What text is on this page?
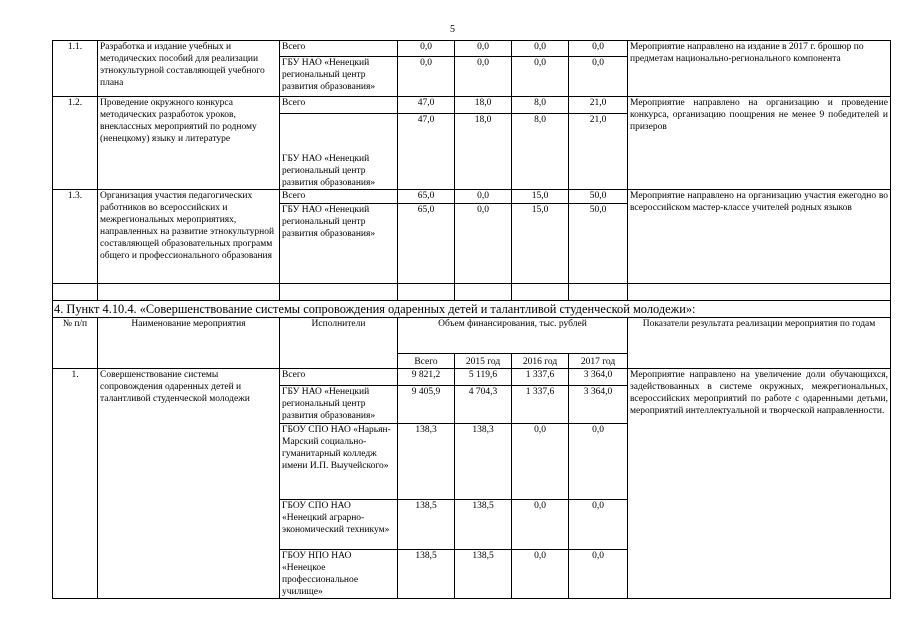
5
1.1.	Разработка и издание учебных и методических пособий для реализации этнокультурной составляющей учебного плана	Всего	0,0	0,0	0,0	0,0	Мероприятие направлено на издание в 2017 г. брошюр по предметам национально-регионального компонента
		ГБУ НАО «Ненецкий региональный центр развития образования»	0,0	0,0	0,0	0,0	
1.2.	Проведение окружного конкурса методических разработок уроков, внеклассных мероприятий по родному (ненецкому) языку и литературе	Всего	47,0	18,0	8,0	21,0	Мероприятие направлено на организацию и проведение конкурса, организацию поощрения не менее 9 победителей и призеров
		ГБУ НАО «Ненецкий региональный центр развития образования»	47,0	18,0	8,0	21,0	
1.3.	Организация участия педагогических работников во всероссийских и межрегиональных мероприятиях, направленных на развитие этнокультурной составляющей образовательных программ общего и профессионального образования	Всего	65,0	0,0	15,0	50,0	Мероприятие направлено на организацию участия ежегодно во всероссийском мастер-классе учителей родных языков
		ГБУ НАО «Ненецкий региональный центр развития образования»	65,0	0,0	15,0	50,0	

4. Пункт 4.10.4. «Совершенствование системы сопровождения одаренных детей и талантливой студенческой молодежи»:							
№ п/п	Наименование мероприятия	Исполнители	Объем финансирования, тыс. рублей				Показатели результата реализации мероприятия по годам
			Всего	2015 год	2016 год	2017 год	
1.	Совершенствование системы сопровождения одаренных детей и талантливой студенческой молодежи	Всего	9 821,2	5 119,6	1 337,6	3 364,0	Мероприятие направлено на увеличение доли обучающихся, задействованных в системе окружных, межрегиональных, всероссийских мероприятий по работе с одаренными детьми, мероприятий интеллектуальной и творческой направленности.
		ГБУ НАО «Ненецкий региональный центр развития образования»	9 405,9	4 704,3	1 337,6	3 364,0	
		ГБОУ СПО НАО «Нарьян-Марский социально-гуманитарный колледж имени И.П. Выучейского»	138,3	138,3	0,0	0,0	
		ГБОУ СПО НАО «Ненецкий аграрно-экономический техникум»	138,5	138,5	0,0	0,0	
		ГБОУ НПО НАО «Ненецкое профессиональное училище»	138,5	138,5	0,0	0,0	
